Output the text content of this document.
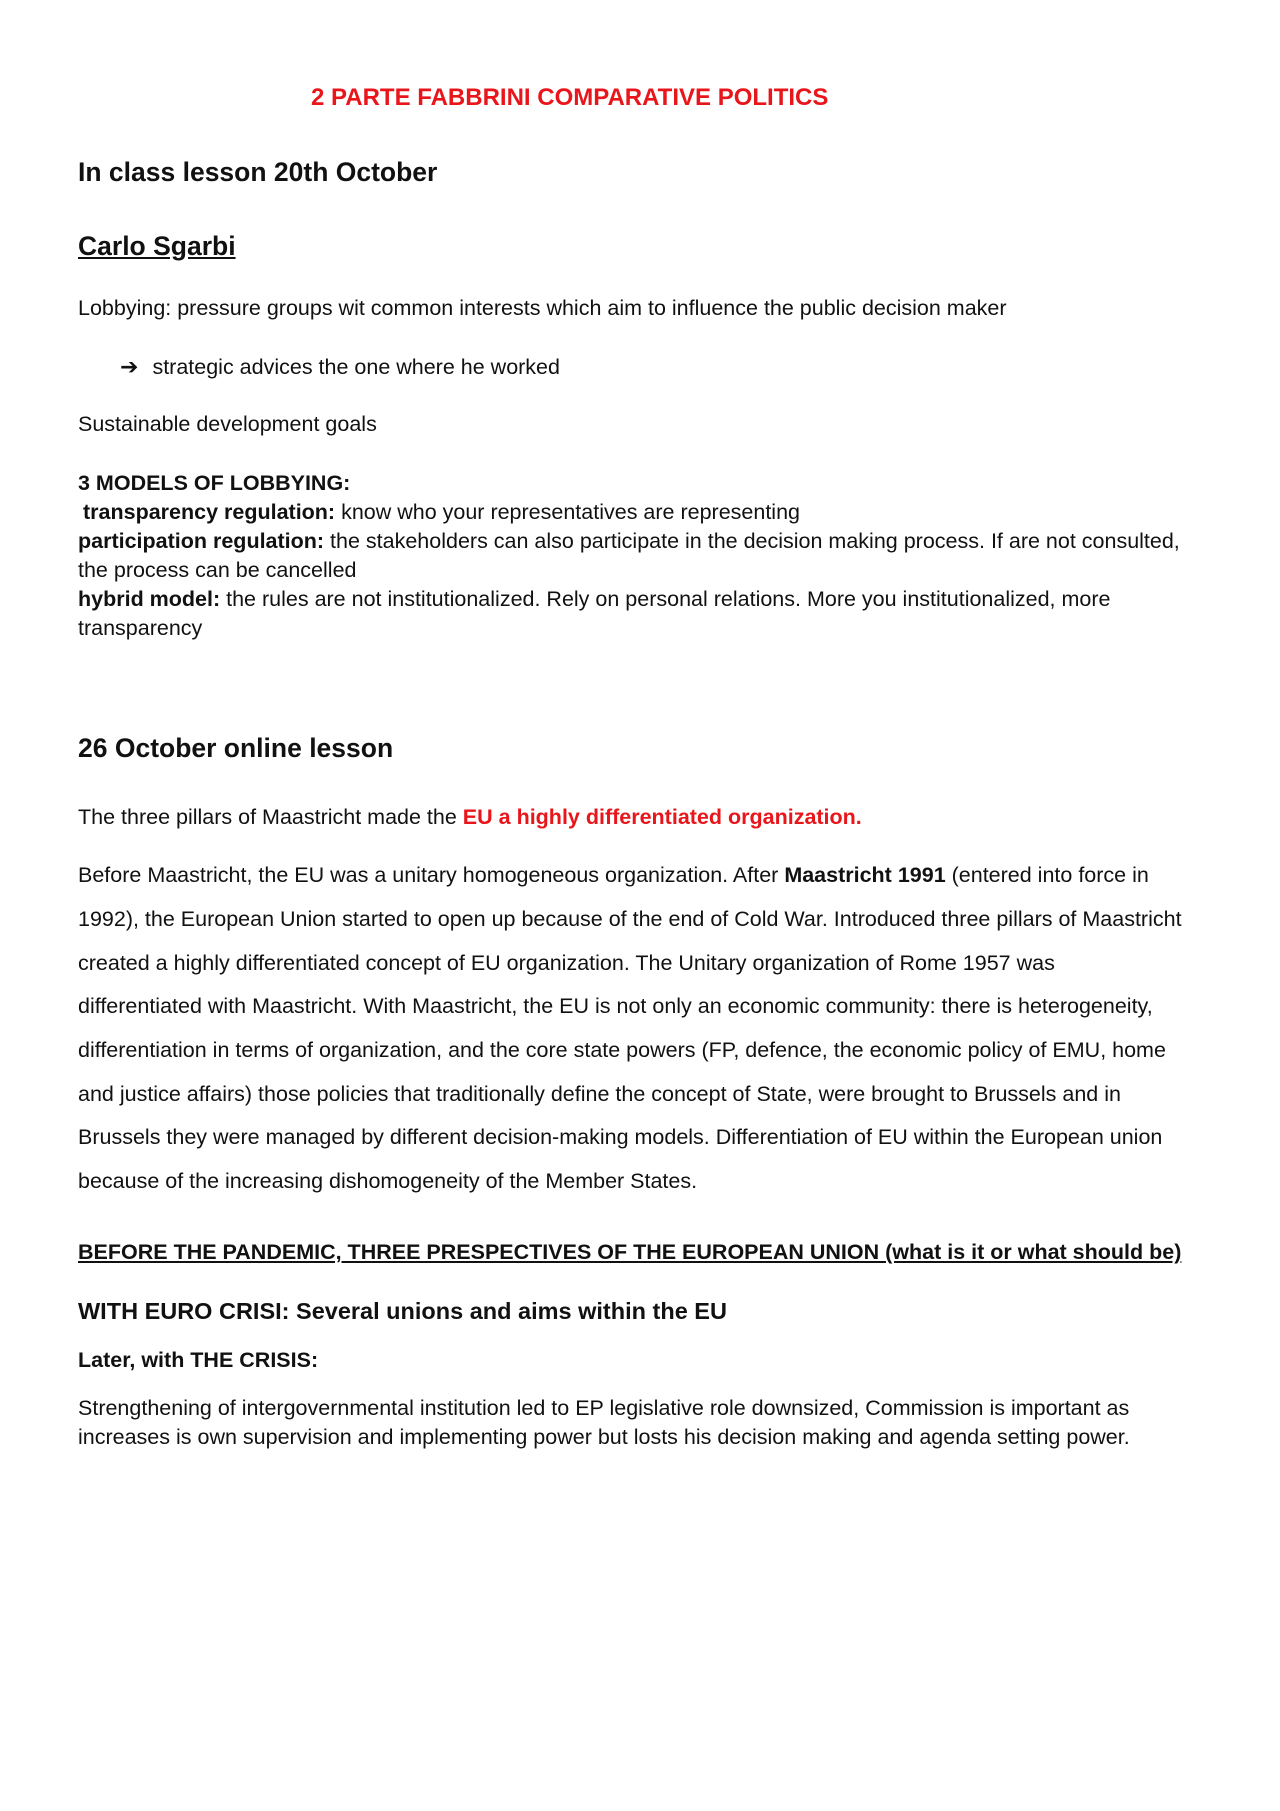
2 PARTE FABBRINI COMPARATIVE POLITICS
In class lesson 20th October
Carlo Sgarbi
Lobbying: pressure groups wit common interests which aim to influence the public decision maker
➔ strategic advices the one where he worked
Sustainable development goals
3 MODELS OF LOBBYING:
transparency regulation: know who your representatives are representing
participation regulation: the stakeholders can also participate in the decision making process. If are not consulted,
the process can be cancelled
hybrid model: the rules are not institutionalized. Rely on personal relations. More you institutionalized, more
transparency
26 October online lesson
The three pillars of Maastricht made the EU a highly differentiated organization.
Before Maastricht, the EU was a unitary homogeneous organization. After Maastricht 1991 (entered into force in
1992), the European Union started to open up because of the end of Cold War. Introduced three pillars of Maastricht
created a highly differentiated concept of EU organization. The Unitary organization of Rome 1957 was
differentiated with Maastricht. With Maastricht, the EU is not only an economic community: there is heterogeneity,
differentiation in terms of organization, and the core state powers (FP, defence, the economic policy of EMU, home
and justice affairs) those policies that traditionally define the concept of State, were brought to Brussels and in
Brussels they were managed by different decision-making models. Differentiation of EU within the European union
because of the increasing dishomogeneity of the Member States.
BEFORE THE PANDEMIC, THREE PRESPECTIVES OF THE EUROPEAN UNION (what is it or what should be)
WITH EURO CRISI: Several unions and aims within the EU
Later, with THE CRISIS:
Strengthening of intergovernmental institution led to EP legislative role downsized, Commission is important as
increases is own supervision and implementing power but losts his decision making and agenda setting power.
